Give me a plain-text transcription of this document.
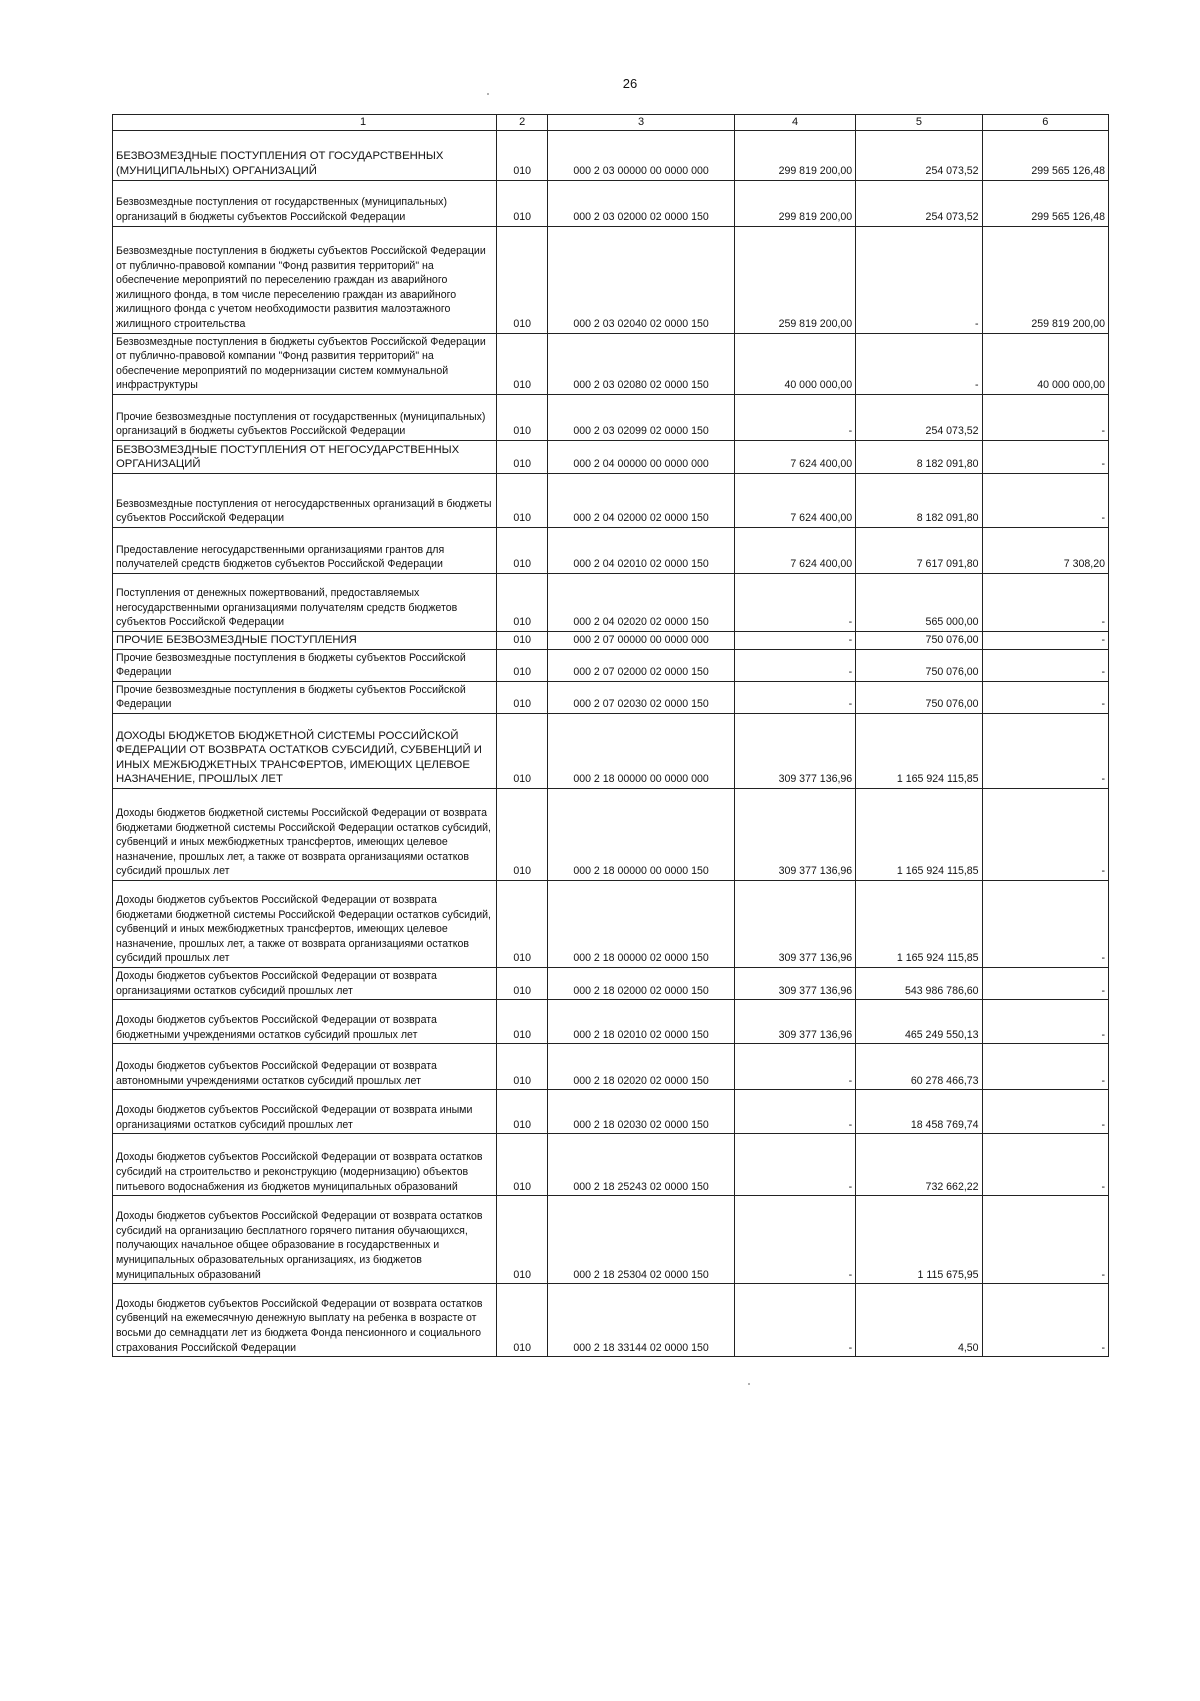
26
1	2	3	4	5	6

БЕЗВОЗМЕЗДНЫЕ ПОСТУПЛЕНИЯ ОТ ГОСУДАРСТВЕННЫХ (МУНИЦИПАЛЬНЫХ) ОРГАНИЗАЦИЙ	010	000 2 03 00000 00 0000 000	299 819 200,00	254 073,52	299 565 126,48

Безвозмездные поступления от государственных (муниципальных) организаций в бюджеты субъектов Российской Федерации	010	000 2 03 02000 02 0000 150	299 819 200,00	254 073,52	299 565 126,48

Безвозмездные поступления в бюджеты субъектов Российской Федерации от публично-правовой компании "Фонд развития территорий" на обеспечение мероприятий по переселению граждан из аварийного жилищного фонда, в том числе переселению граждан из аварийного жилищного фонда с учетом необходимости развития малоэтажного жилищного строительства	010	000 2 03 02040 02 0000 150	259 819 200,00	-	259 819 200,00

Безвозмездные поступления в бюджеты субъектов Российской Федерации от публично-правовой компании "Фонд развития территорий" на обеспечение мероприятий по модернизации систем коммунальной инфраструктуры	010	000 2 03 02080 02 0000 150	40 000 000,00	-	40 000 000,00

Прочие безвозмездные поступления от государственных (муниципальных) организаций в бюджеты субъектов Российской Федерации	010	000 2 03 02099 02 0000 150	-	254 073,52	-

БЕЗВОЗМЕЗДНЫЕ ПОСТУПЛЕНИЯ ОТ НЕГОСУДАРСТВЕННЫХ ОРГАНИЗАЦИЙ	010	000 2 04 00000 00 0000 000	7 624 400,00	8 182 091,80	-

Безвозмездные поступления от негосударственных организаций в бюджеты субъектов Российской Федерации	010	000 2 04 02000 02 0000 150	7 624 400,00	8 182 091,80	-

Предоставление негосударственными организациями грантов для получателей средств бюджетов субъектов Российской Федерации	010	000 2 04 02010 02 0000 150	7 624 400,00	7 617 091,80	7 308,20

Поступления от денежных пожертвований, предоставляемых негосударственными организациями получателям средств бюджетов субъектов Российской Федерации	010	000 2 04 02020 02 0000 150	-	565 000,00	-

ПРОЧИЕ БЕЗВОЗМЕЗДНЫЕ ПОСТУПЛЕНИЯ	010	000 2 07 00000 00 0000 000	-	750 076,00	-

Прочие безвозмездные поступления в бюджеты субъектов Российской Федерации	010	000 2 07 02000 02 0000 150	-	750 076,00	-

Прочие безвозмездные поступления в бюджеты субъектов Российской Федерации	010	000 2 07 02030 02 0000 150	-	750 076,00	-

ДОХОДЫ БЮДЖЕТОВ БЮДЖЕТНОЙ СИСТЕМЫ РОССИЙСКОЙ ФЕДЕРАЦИИ ОТ ВОЗВРАТА ОСТАТКОВ СУБСИДИЙ, СУБВЕНЦИЙ И ИНЫХ МЕЖБЮДЖЕТНЫХ ТРАНСФЕРТОВ, ИМЕЮЩИХ ЦЕЛЕВОЕ НАЗНАЧЕНИЕ, ПРОШЛЫХ ЛЕТ	010	000 2 18 00000 00 0000 000	309 377 136,96	1 165 924 115,85	-

Доходы бюджетов бюджетной системы Российской Федерации от возврата бюджетами бюджетной системы Российской Федерации остатков субсидий, субвенций и иных межбюджетных трансфертов, имеющих целевое назначение, прошлых лет, а также от возврата организациями остатков субсидий прошлых лет	010	000 2 18 00000 00 0000 150	309 377 136,96	1 165 924 115,85	-

Доходы бюджетов субъектов Российской Федерации от возврата бюджетами бюджетной системы Российской Федерации остатков субсидий, субвенций и иных межбюджетных трансфертов, имеющих целевое назначение, прошлых лет, а также от возврата организациями остатков субсидий прошлых лет	010	000 2 18 00000 02 0000 150	309 377 136,96	1 165 924 115,85	-

Доходы бюджетов субъектов Российской Федерации от возврата организациями остатков субсидий прошлых лет	010	000 2 18 02000 02 0000 150	309 377 136,96	543 986 786,60	-

Доходы бюджетов субъектов Российской Федерации от возврата бюджетными учреждениями остатков субсидий прошлых лет	010	000 2 18 02010 02 0000 150	309 377 136,96	465 249 550,13	-

Доходы бюджетов субъектов Российской Федерации от возврата автономными учреждениями остатков субсидий прошлых лет	010	000 2 18 02020 02 0000 150	-	60 278 466,73	-

Доходы бюджетов субъектов Российской Федерации от возврата иными организациями остатков субсидий прошлых лет	010	000 2 18 02030 02 0000 150	-	18 458 769,74	-

Доходы бюджетов субъектов Российской Федерации от возврата остатков субсидий на строительство и реконструкцию (модернизацию) объектов питьевого водоснабжения из бюджетов муниципальных образований	010	000 2 18 25243 02 0000 150	-	732 662,22	-

Доходы бюджетов субъектов Российской Федерации от возврата остатков субсидий на организацию бесплатного горячего питания обучающихся, получающих начальное общее образование в государственных и муниципальных образовательных организациях, из бюджетов муниципальных образований	010	000 2 18 25304 02 0000 150	-	1 115 675,95	-

Доходы бюджетов субъектов Российской Федерации от возврата остатков субвенций на ежемесячную денежную выплату на ребенка в возрасте от восьми до семнадцати лет из бюджета Фонда пенсионного и социального страхования Российской Федерации	010	000 2 18 33144 02 0000 150	-	4,50	-
